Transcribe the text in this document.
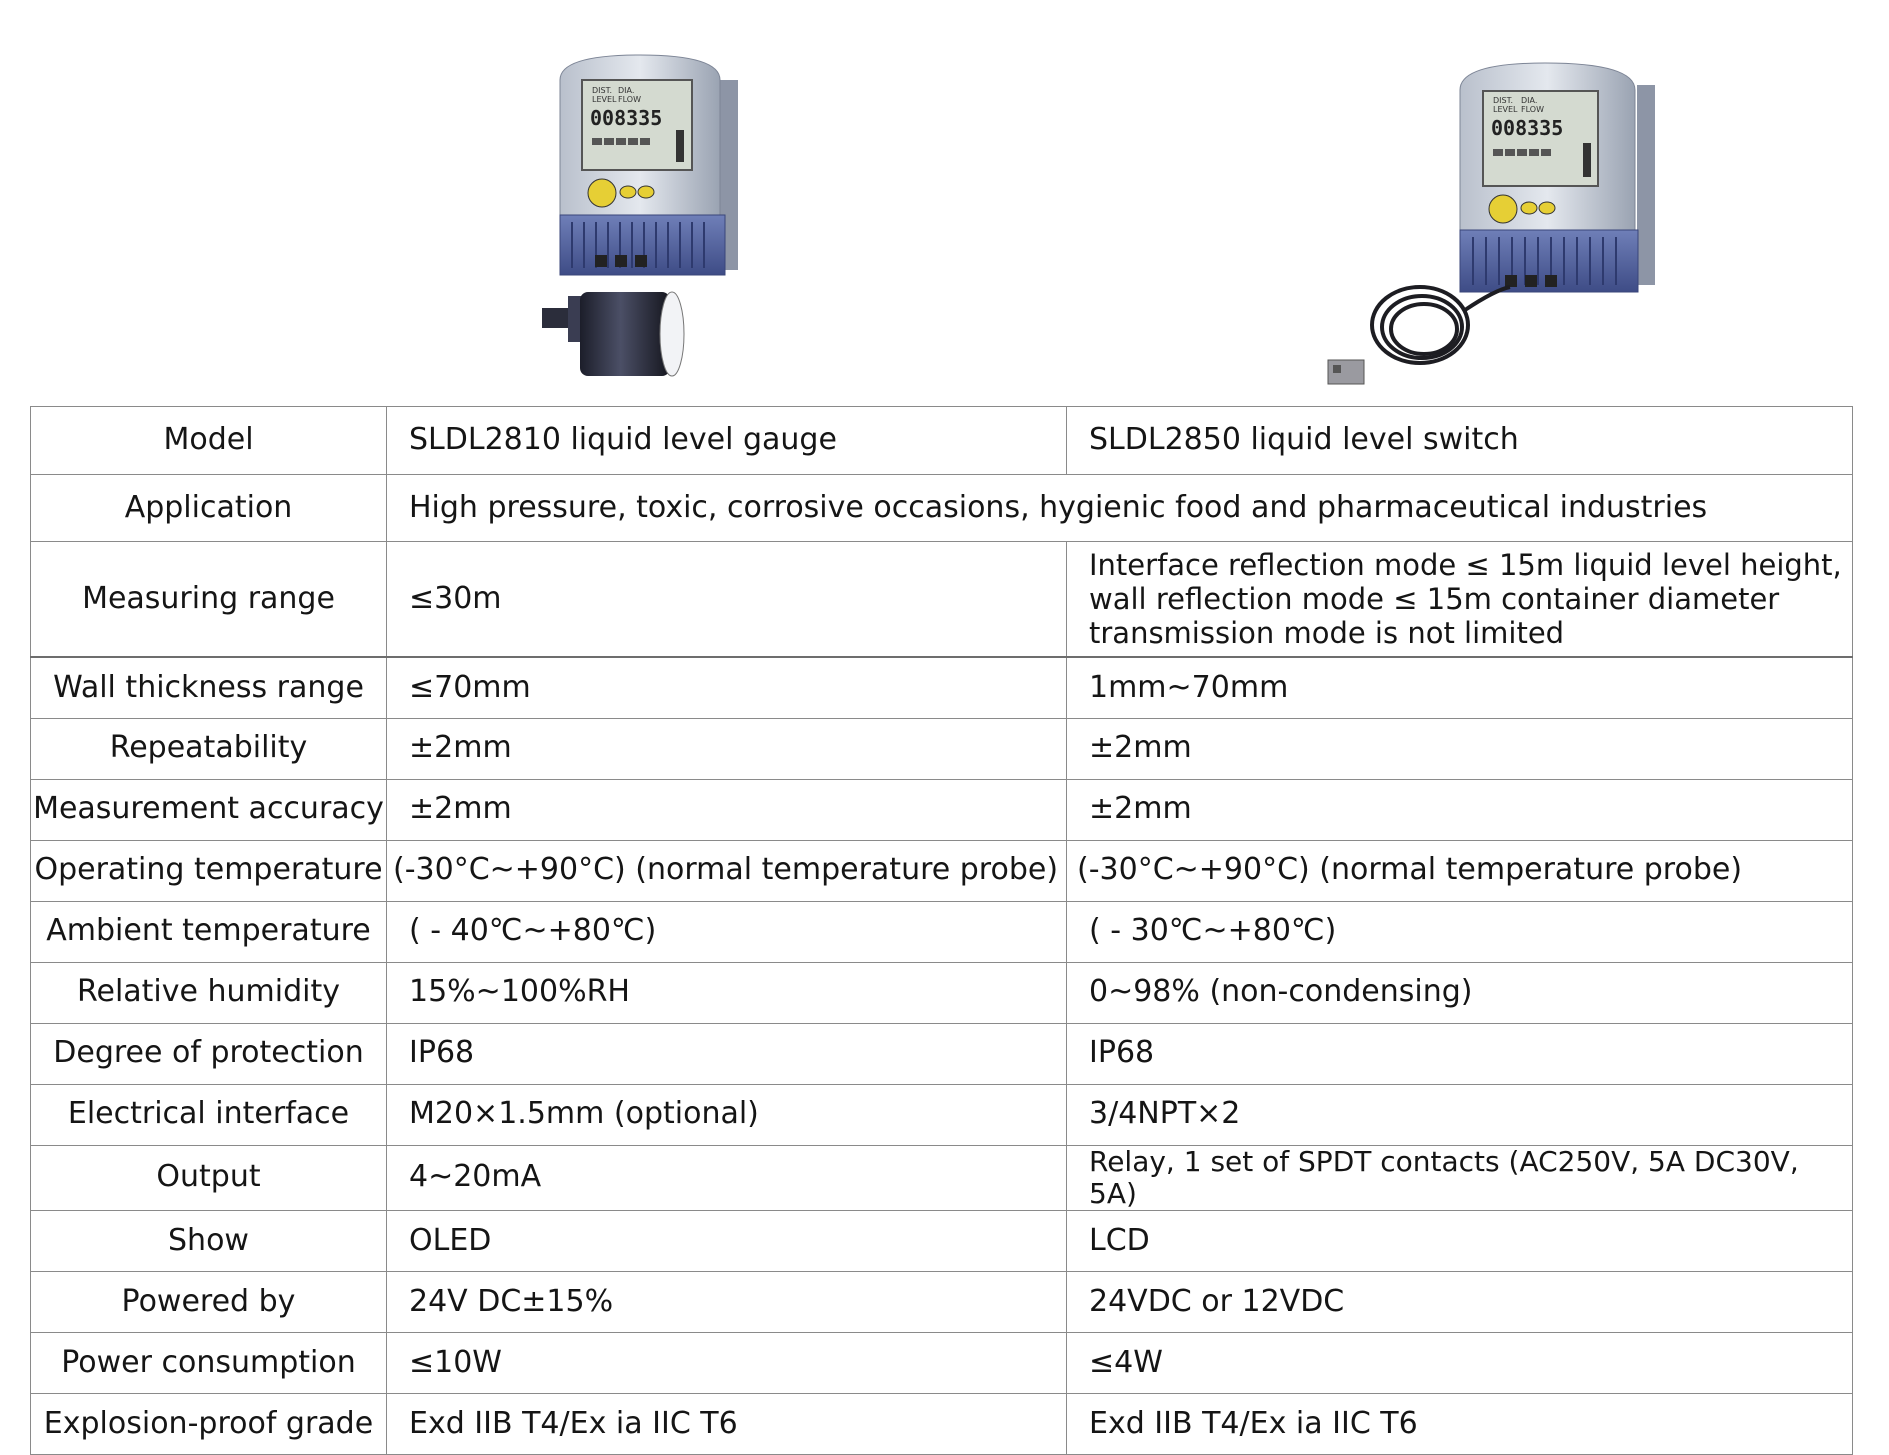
DIST. DIA.
LEVEL FLOW
008335
DIST. DIA.
LEVEL FLOW
008335
Model	SLDL2810 liquid level gauge	SLDL2850 liquid level switch
Application	High pressure, toxic, corrosive occasions, hygienic food and pharmaceutical industries	
Measuring range	≤30m	Interface reflection mode ≤ 15m liquid level height,
wall reflection mode ≤ 15m container diameter
transmission mode is not limited

Wall thickness range	≤70mm	1mm~70mm
Repeatability	±2mm	±2mm
Measurement accuracy	±2mm	±2mm
Operating temperature	(-30°C~+90°C) (normal temperature probe)	(-30°C~+90°C) (normal temperature probe)
Ambient temperature	( - 40℃~+80℃)	( - 30℃~+80℃)
Relative humidity	15%~100%RH	0~98% (non-condensing)
Degree of protection	IP68	IP68
Electrical interface	M20×1.5mm (optional)	3/4NPT×2
Output	4~20mA	Relay, 1 set of SPDT contacts (AC250V, 5A DC30V, 5A)
Show	OLED	LCD
Powered by	24V DC±15%	24VDC or 12VDC
Power consumption	≤10W	≤4W
Explosion-proof grade	Exd IIB T4/Ex ia IIC T6	Exd IIB T4/Ex ia IIC T6
